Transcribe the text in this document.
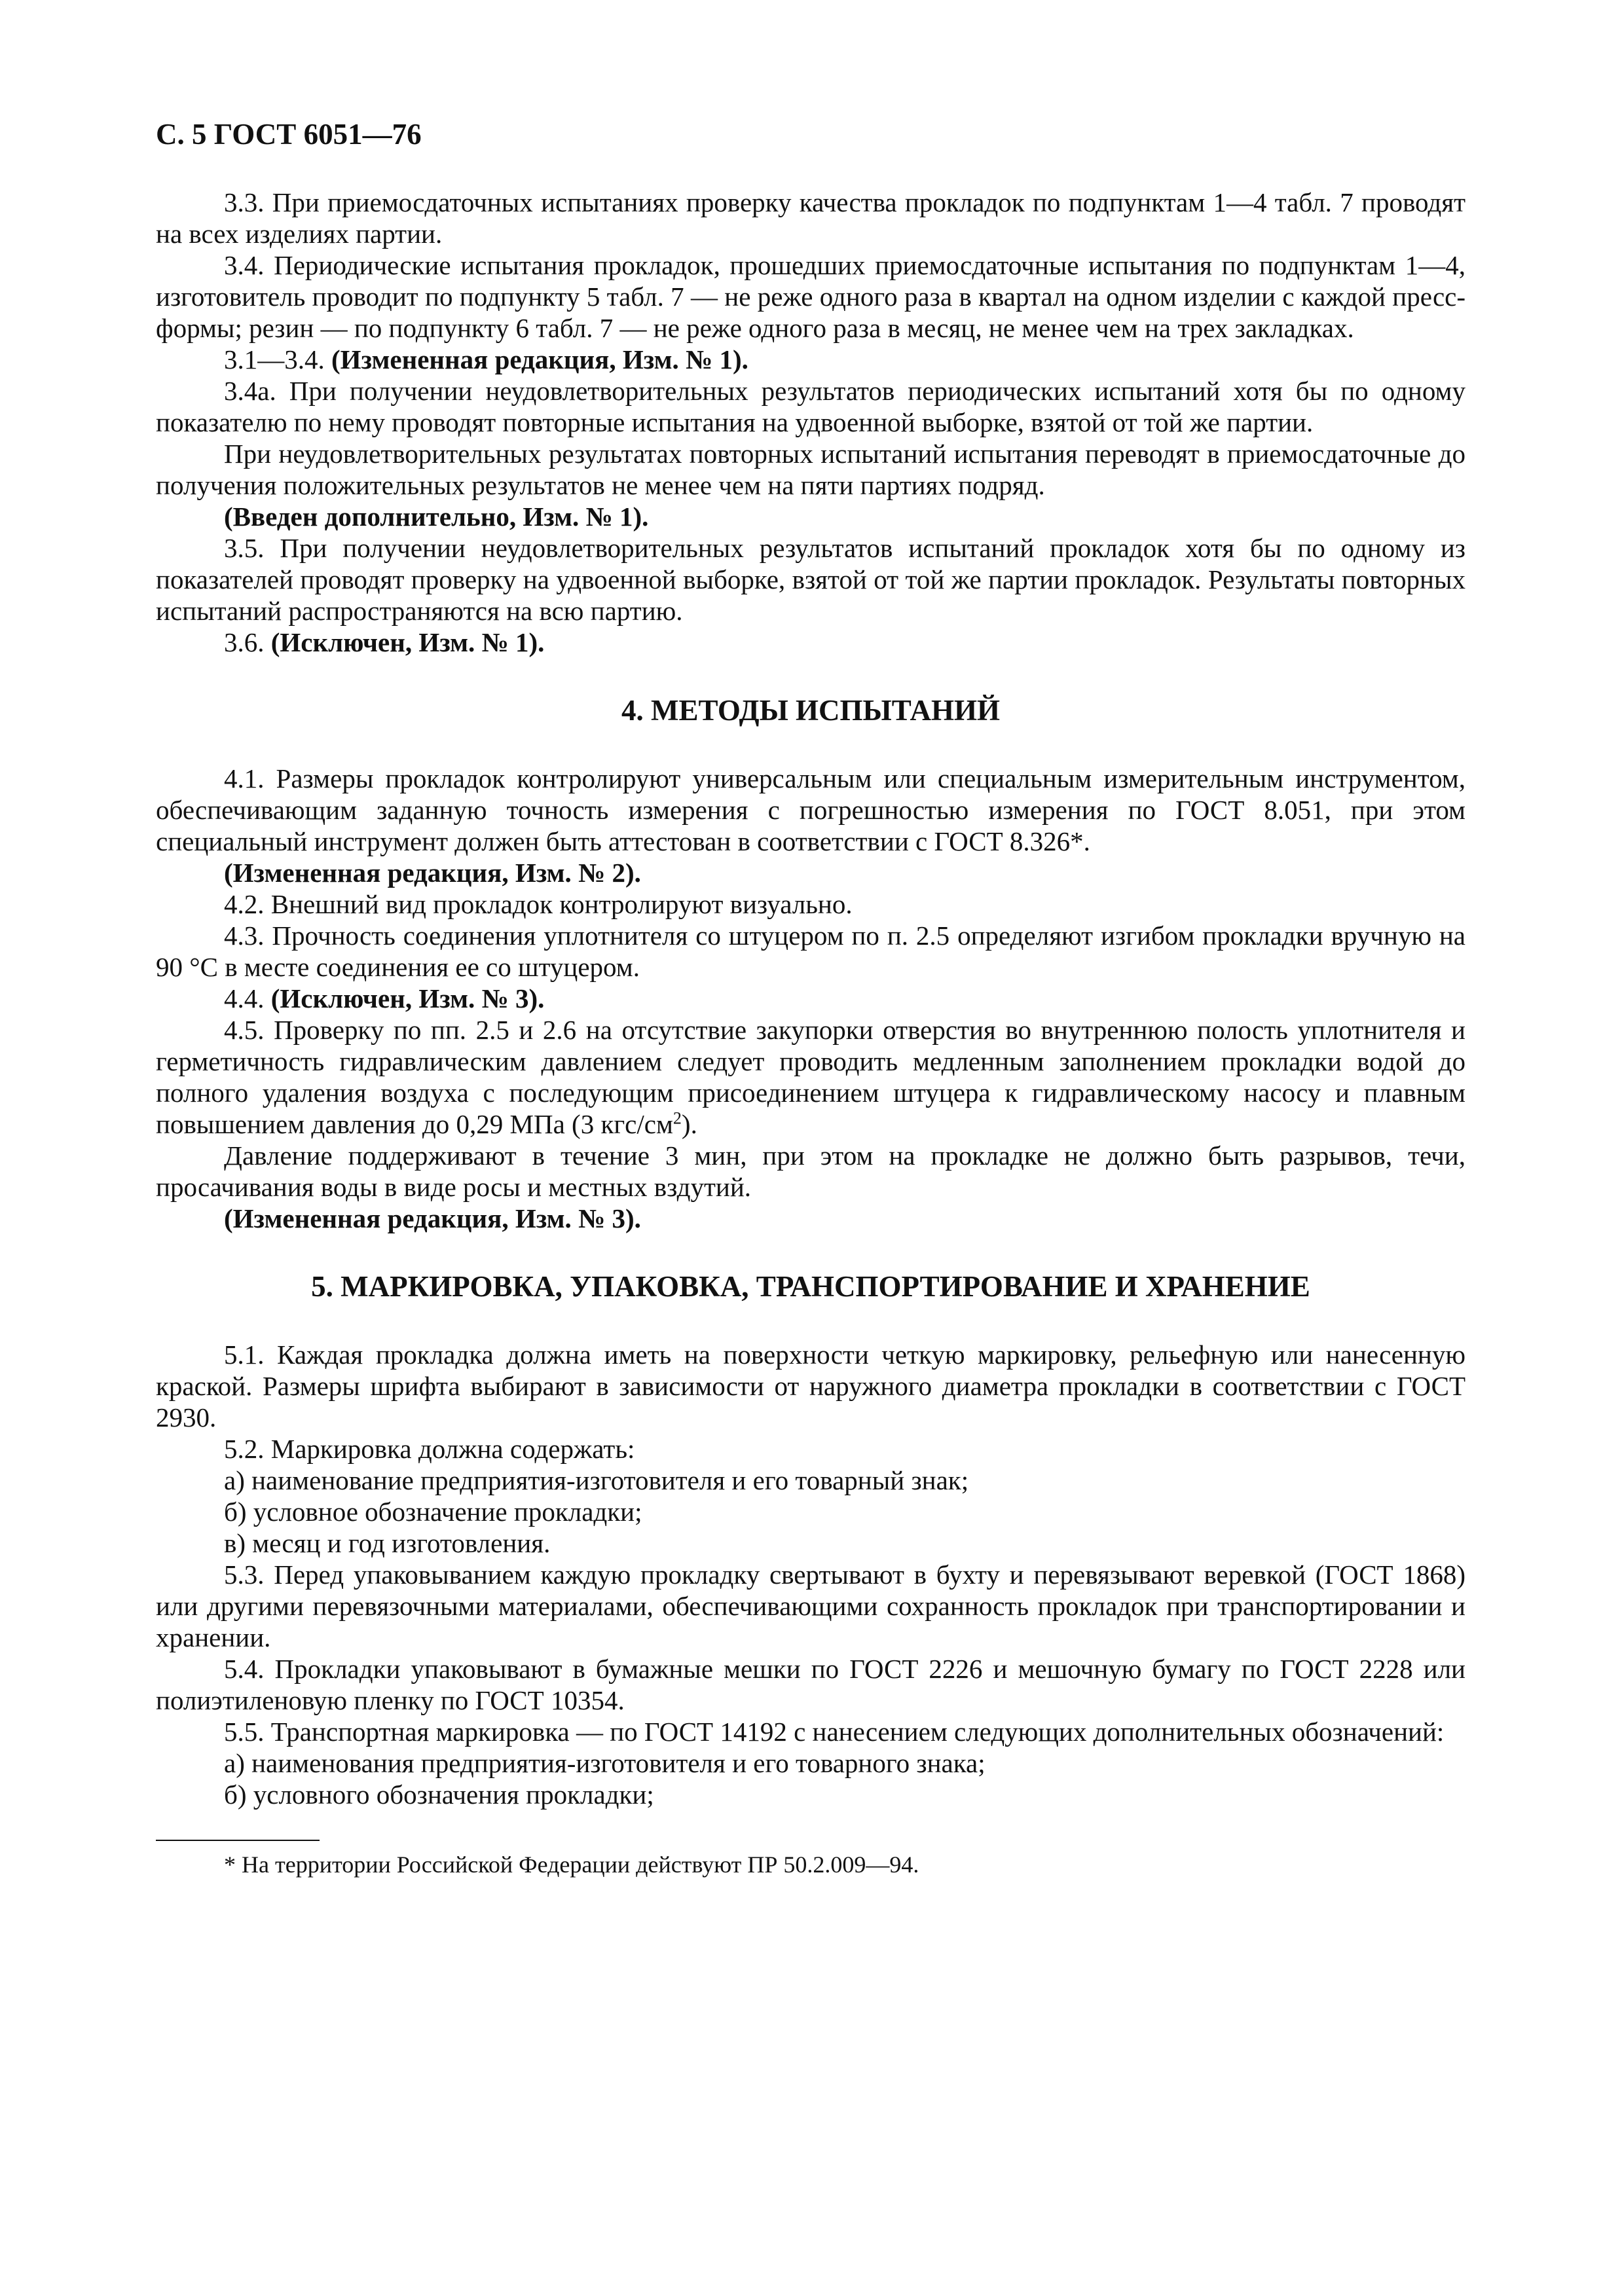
С. 5 ГОСТ 6051—76

3.3. При приемосдаточных испытаниях проверку качества прокладок по подпунктам 1—4 табл. 7 проводят на всех изделиях партии.

3.4. Периодические испытания прокладок, прошедших приемосдаточные испытания по подпунктам 1—4, изготовитель проводит по подпункту 5 табл. 7 — не реже одного раза в квартал на одном изделии с каждой пресс-формы; резин — по подпункту 6 табл. 7 — не реже одного раза в месяц, не менее чем на трех закладках.

3.1—3.4. (Измененная редакция, Изм. № 1).

3.4а. При получении неудовлетворительных результатов периодических испытаний хотя бы по одному показателю по нему проводят повторные испытания на удвоенной выборке, взятой от той же партии.

При неудовлетворительных результатах повторных испытаний испытания переводят в приемосдаточные до получения положительных результатов не менее чем на пяти партиях подряд.

(Введен дополнительно, Изм. № 1).

3.5. При получении неудовлетворительных результатов испытаний прокладок хотя бы по одному из показателей проводят проверку на удвоенной выборке, взятой от той же партии прокладок. Результаты повторных испытаний распространяются на всю партию.

3.6. (Исключен, Изм. № 1).

4. МЕТОДЫ ИСПЫТАНИЙ

4.1. Размеры прокладок контролируют универсальным или специальным измерительным инструментом, обеспечивающим заданную точность измерения с погрешностью измерения по ГОСТ 8.051, при этом специальный инструмент должен быть аттестован в соответствии с ГОСТ 8.326*.

(Измененная редакция, Изм. № 2).

4.2. Внешний вид прокладок контролируют визуально.

4.3. Прочность соединения уплотнителя со штуцером по п. 2.5 определяют изгибом прокладки вручную на 90 °С в месте соединения ее со штуцером.

4.4. (Исключен, Изм. № 3).

4.5. Проверку по пп. 2.5 и 2.6 на отсутствие закупорки отверстия во внутреннюю полость уплотнителя и герметичность гидравлическим давлением следует проводить медленным заполнением прокладки водой до полного удаления воздуха с последующим присоединением штуцера к гидравлическому насосу и плавным повышением давления до 0,29 МПа (3 кгс/$см^2$).

Давление поддерживают в течение 3 мин, при этом на прокладке не должно быть разрывов, течи, просачивания воды в виде росы и местных вздутий.

(Измененная редакция, Изм. № 3).

5. МАРКИРОВКА, УПАКОВКА, ТРАНСПОРТИРОВАНИЕ И ХРАНЕНИЕ

5.1. Каждая прокладка должна иметь на поверхности четкую маркировку, рельефную или нанесенную краской. Размеры шрифта выбирают в зависимости от наружного диаметра прокладки в соответствии с ГОСТ 2930.

5.2. Маркировка должна содержать:

а) наименование предприятия-изготовителя и его товарный знак;

б) условное обозначение прокладки;

в) месяц и год изготовления.

5.3. Перед упаковыванием каждую прокладку свертывают в бухту и перевязывают веревкой (ГОСТ 1868) или другими перевязочными материалами, обеспечивающими сохранность прокладок при транспортировании и хранении.

5.4. Прокладки упаковывают в бумажные мешки по ГОСТ 2226 и мешочную бумагу по ГОСТ 2228 или полиэтиленовую пленку по ГОСТ 10354.

5.5. Транспортная маркировка — по ГОСТ 14192 с нанесением следующих дополнительных обозначений:

а) наименования предприятия-изготовителя и его товарного знака;

б) условного обозначения прокладки;

* На территории Российской Федерации действуют ПР 50.2.009—94.
